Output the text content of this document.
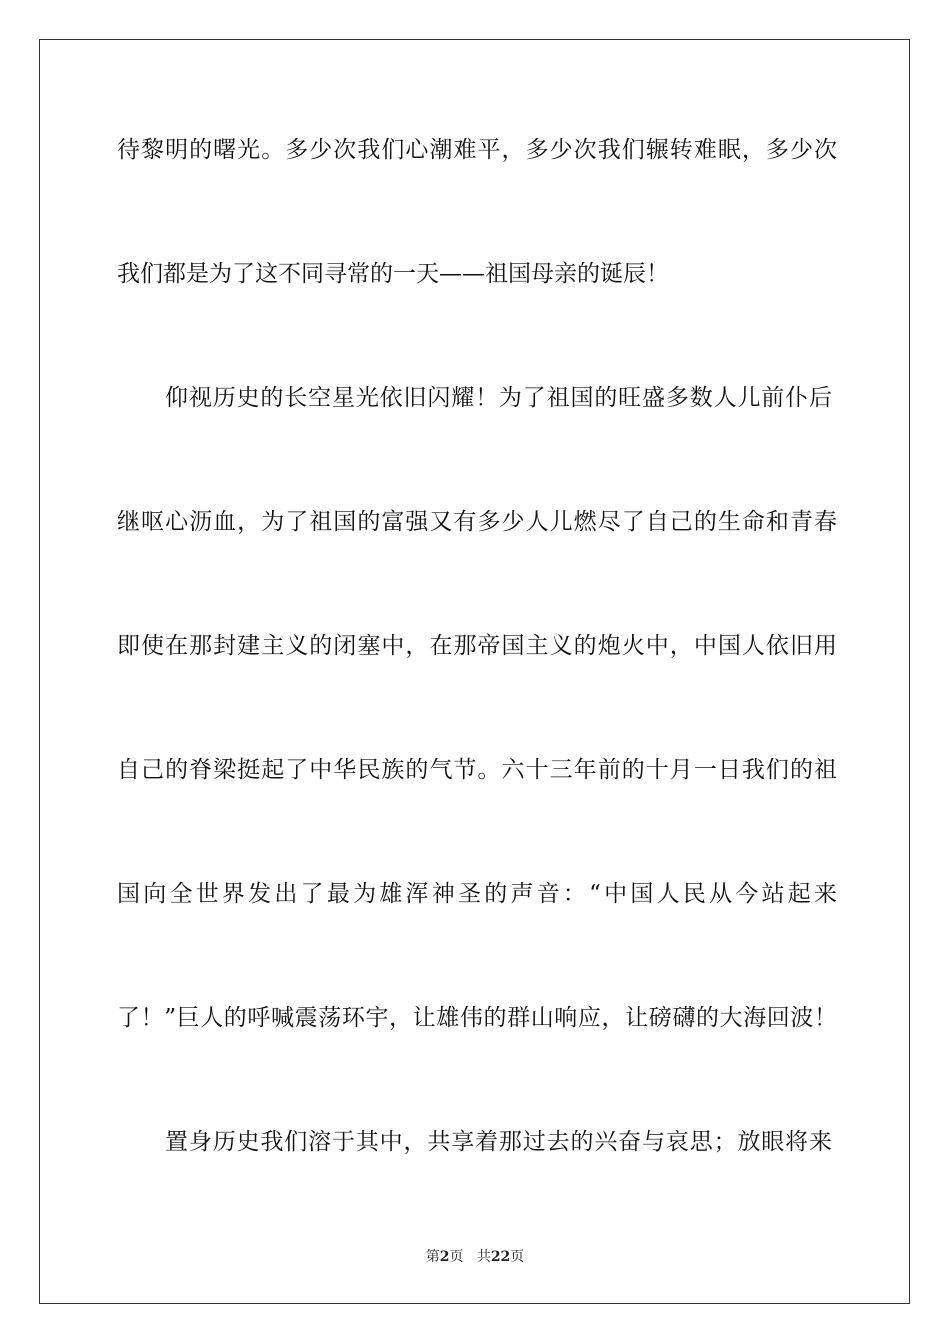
待黎明的曙光。多少次我们心潮难平，多少次我们辗转难眠，多少次
我们都是为了这不同寻常的一天——祖国母亲的诞辰！
仰视历史的长空星光依旧闪耀！为了祖国的旺盛多数人儿前仆后
继呕心沥血，为了祖国的富强又有多少人儿燃尽了自己的生命和青春
即使在那封建主义的闭塞中，在那帝国主义的炮火中，中国人依旧用
自己的脊梁挺起了中华民族的气节。六十三年前的十月一日我们的祖
国向全世界发出了最为雄浑神圣的声音：“中国人民从今站起来
了！”巨人的呼喊震荡环宇，让雄伟的群山响应，让磅礴的大海回波！
置身历史我们溶于其中，共享着那过去的兴奋与哀思；放眼将来
第2页 共22页
